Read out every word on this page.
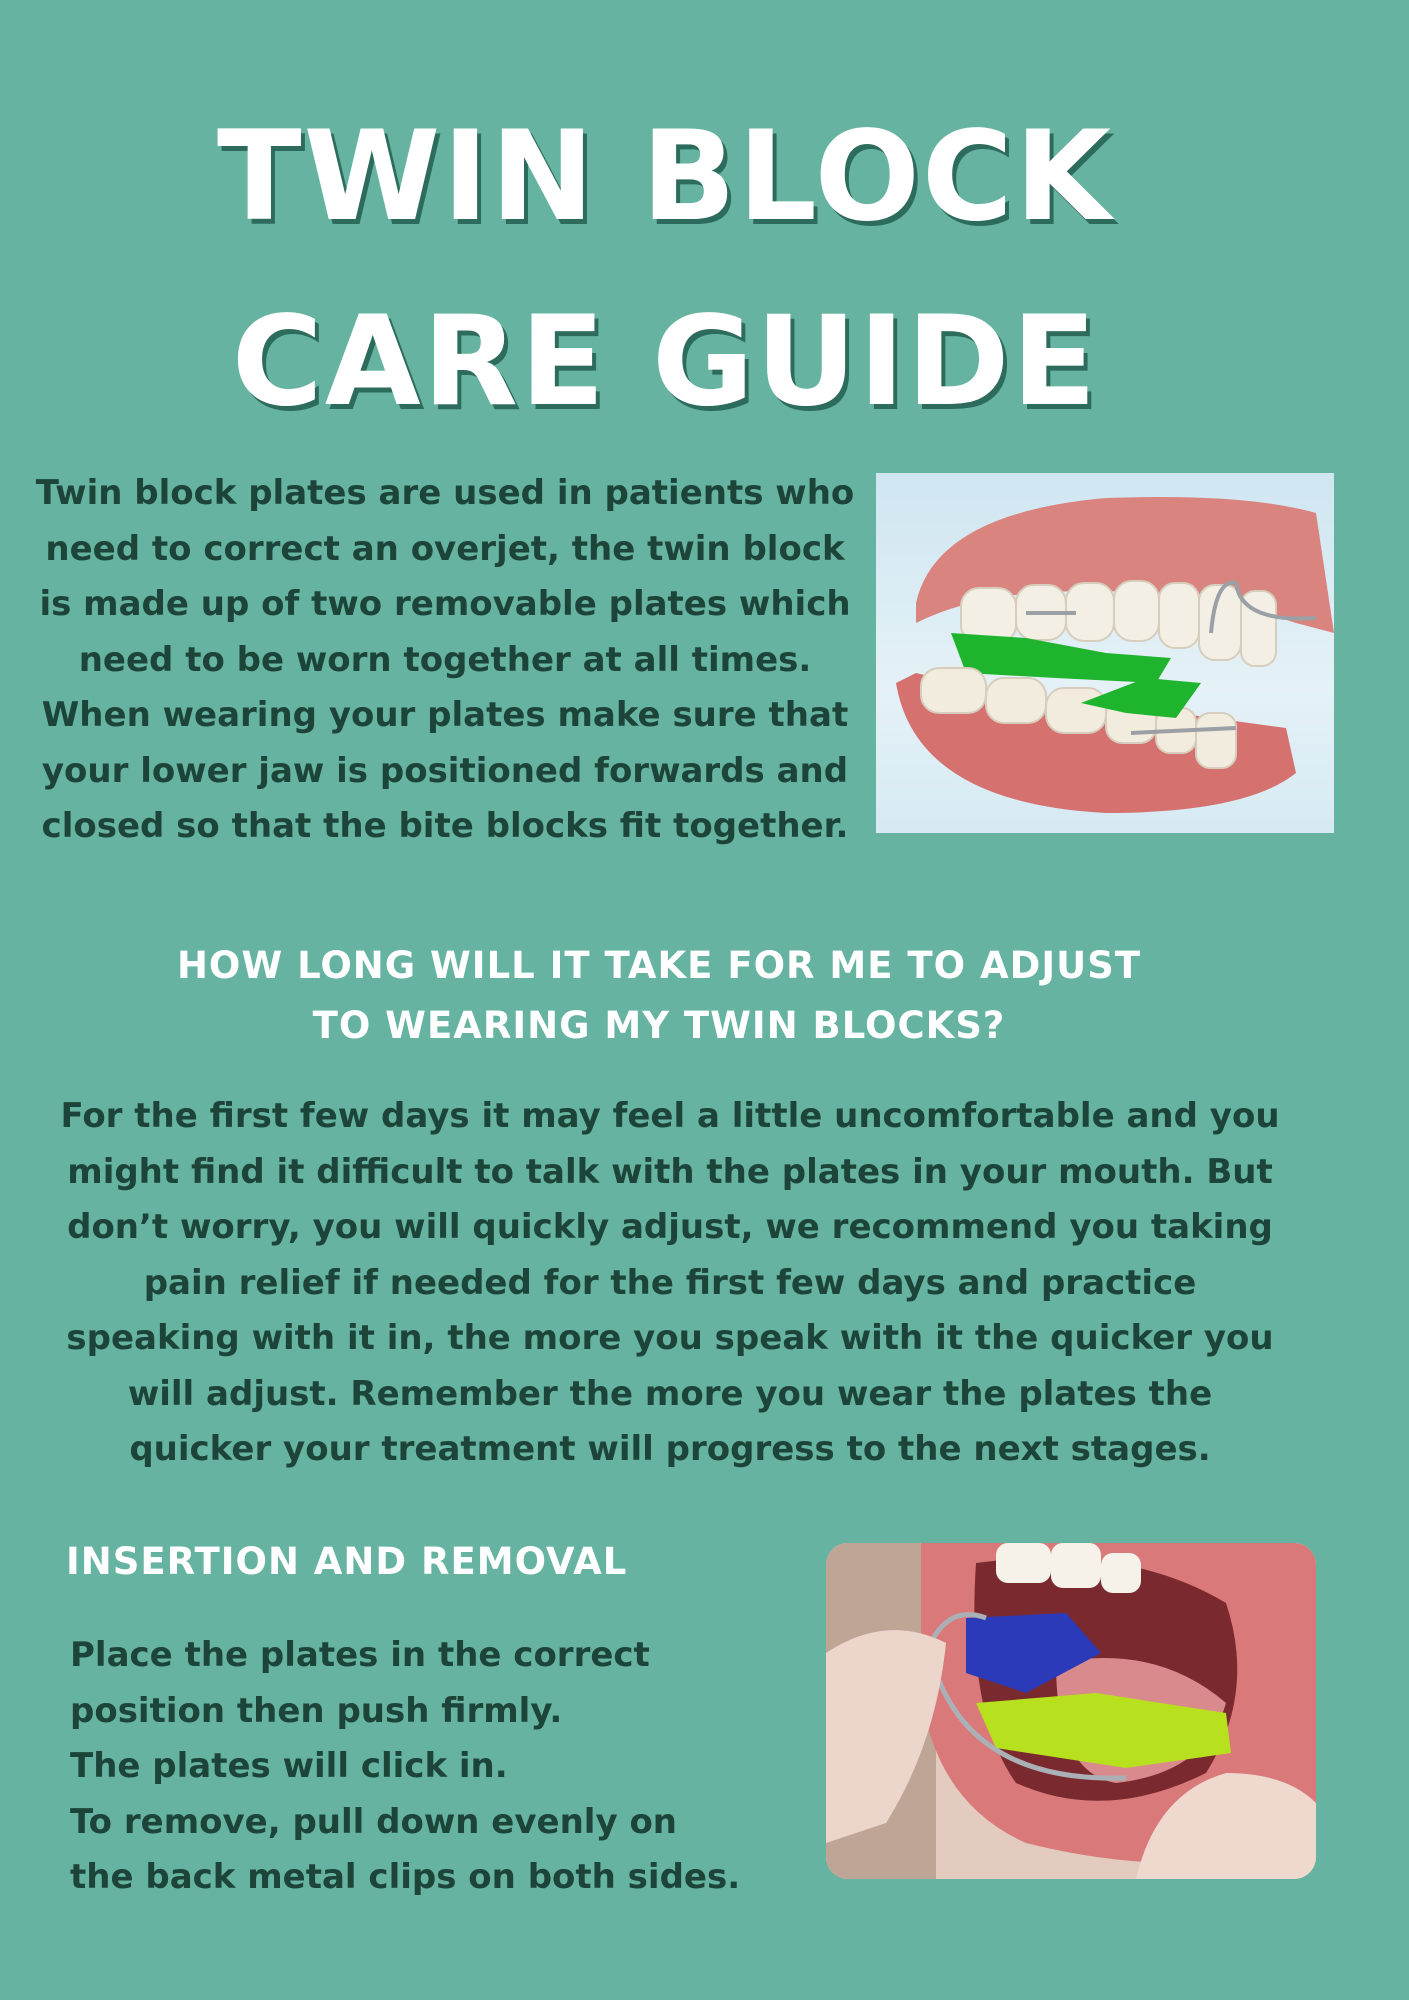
TWIN BLOCK
CARE GUIDE

Twin block plates are used in patients who need to correct an overjet, the twin block is made up of two removable plates which need to be worn together at all times. When wearing your plates make sure that your lower jaw is positioned forwards and closed so that the bite blocks fit together.

HOW LONG WILL IT TAKE FOR ME TO ADJUST
TO WEARING MY TWIN BLOCKS?

For the first few days it may feel a little uncomfortable and you might find it difficult to talk with the plates in your mouth. But don’t worry, you will quickly adjust, we recommend you taking pain relief if needed for the first few days and practice speaking with it in, the more you speak with it the quicker you will adjust. Remember the more you wear the plates the quicker your treatment will progress to the next stages.

INSERTION AND REMOVAL

Place the plates in the correct
position then push firmly.
The plates will click in.
To remove, pull down evenly on
the back metal clips on both sides.
